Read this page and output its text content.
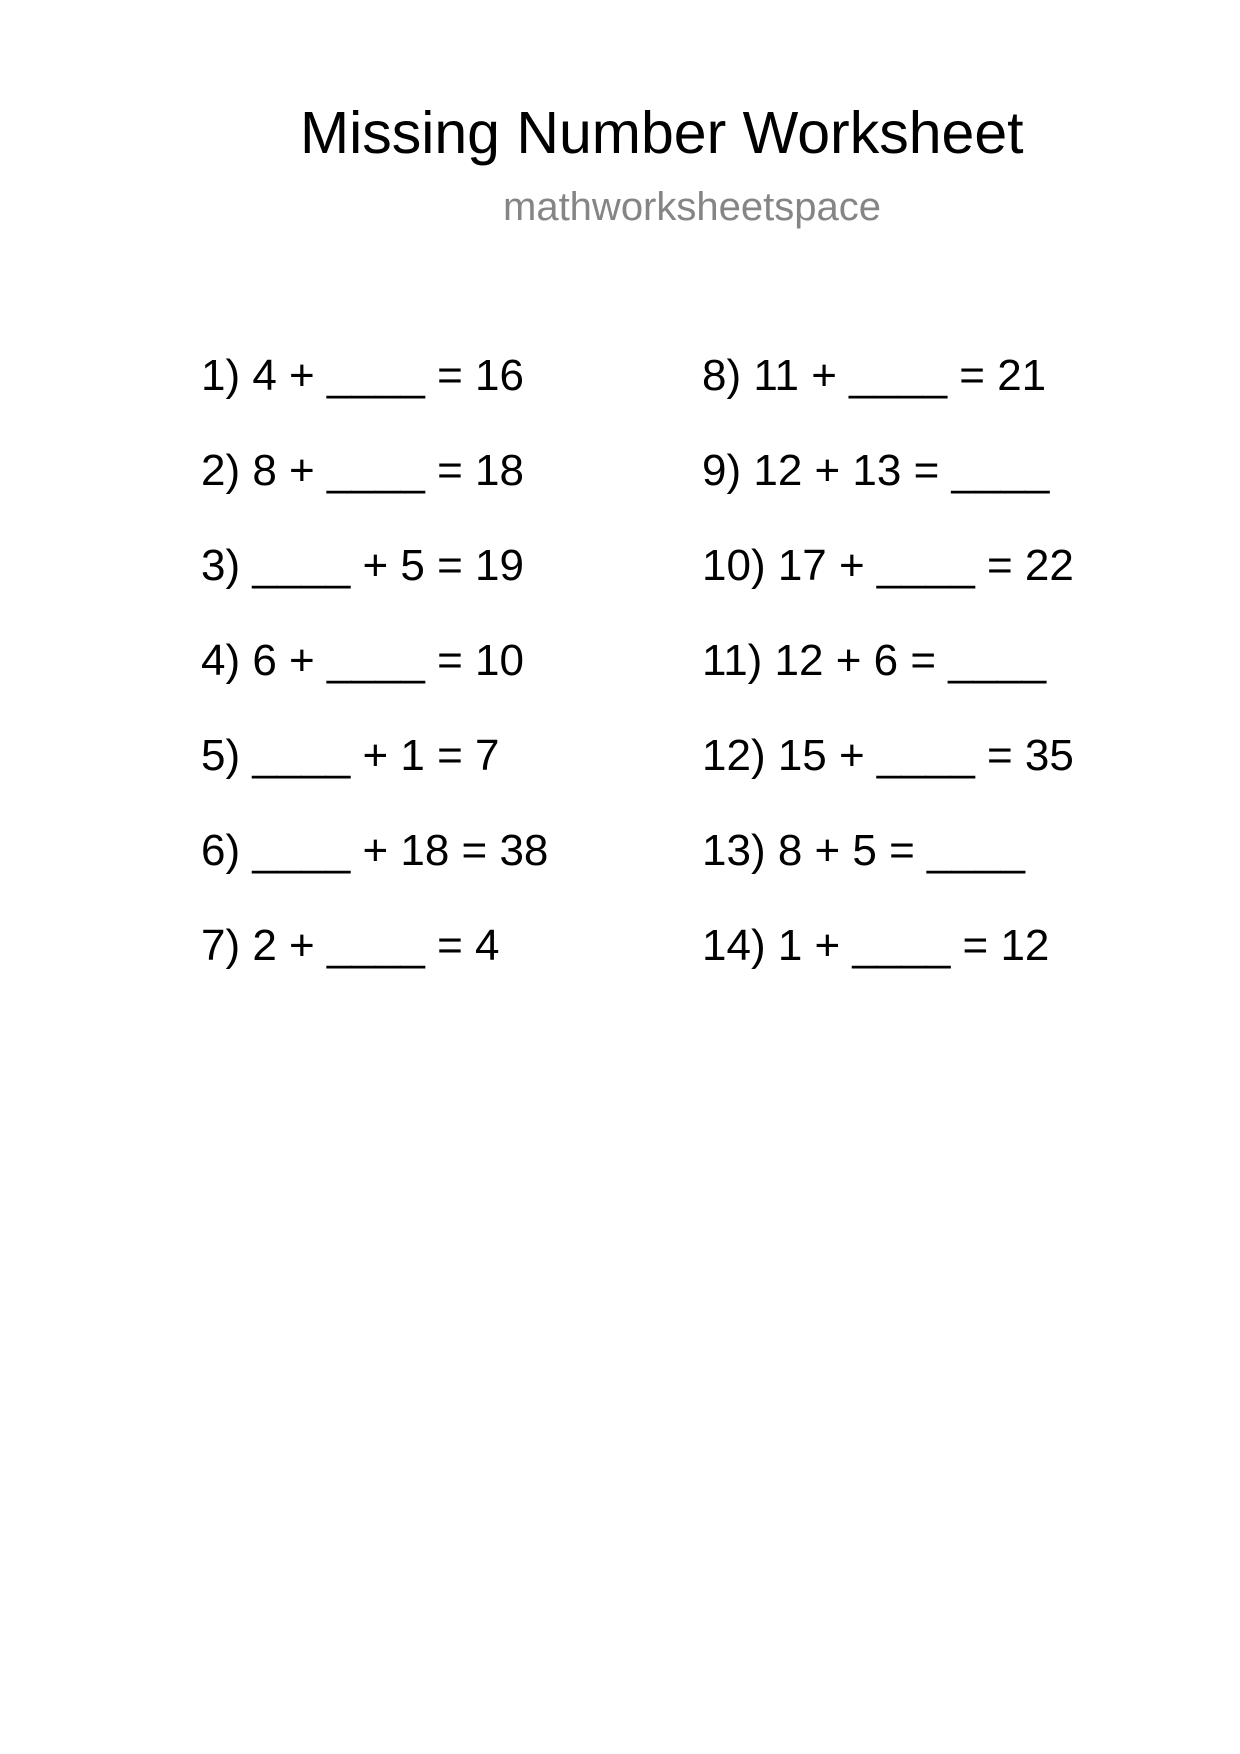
Missing Number Worksheet
mathworksheetspace
1) 4 + ____ = 16
2) 8 + ____ = 18
3) ____ + 5 = 19
4) 6 + ____ = 10
5) ____ + 1 = 7
6) ____ + 18 = 38
7) 2 + ____ = 4
8) 11 + ____ = 21
9) 12 + 13 = ____
10) 17 + ____ = 22
11) 12 + 6 = ____
12) 15 + ____ = 35
13) 8 + 5 = ____
14) 1 + ____ = 12
